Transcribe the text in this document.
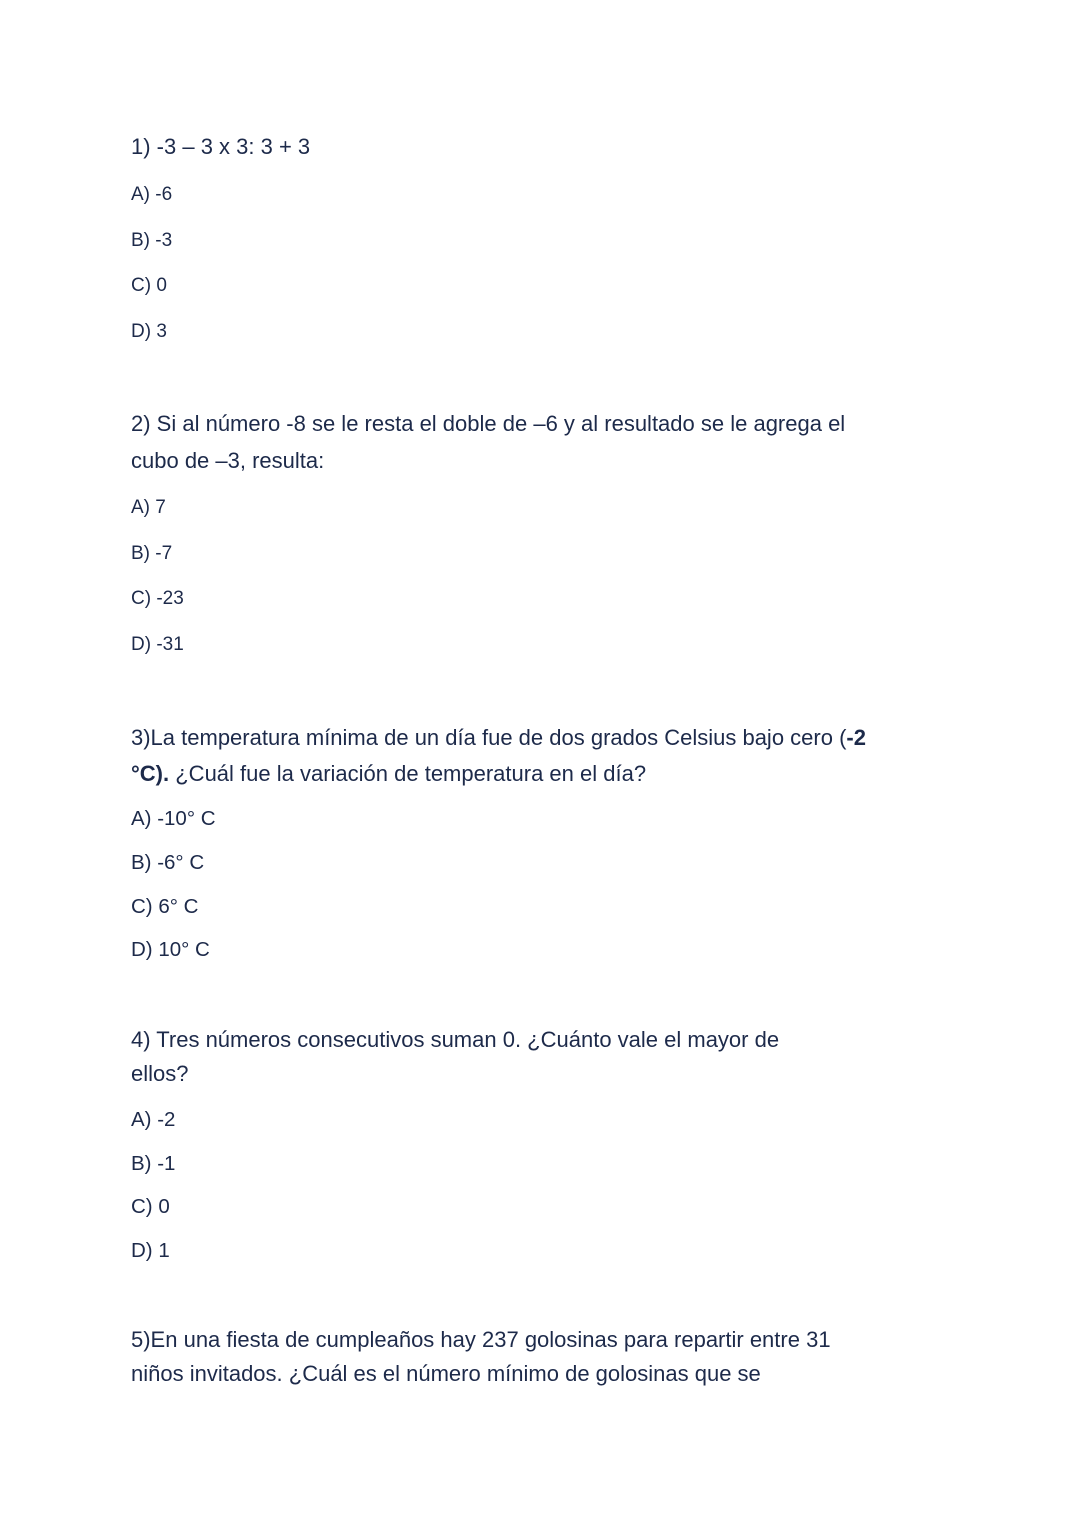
1) -3 – 3 x 3: 3 + 3
A) -6
B) -3
C) 0
D) 3
2) Si al número -8 se le resta el doble de –6 y al resultado se le agrega el
cubo de –3, resulta:
A) 7
B) -7
C) -23
D) -31
3)La temperatura mínima de un día fue de dos grados Celsius bajo cero (-2
°C). ¿Cuál fue la variación de temperatura en el día?
A) -10° C
B) -6° C
C) 6° C
D) 10° C
4) Tres números consecutivos suman 0. ¿Cuánto vale el mayor de
ellos?
A) -2
B) -1
C) 0
D) 1
5)En una fiesta de cumpleaños hay 237 golosinas para repartir entre 31
niños invitados. ¿Cuál es el número mínimo de golosinas que se
